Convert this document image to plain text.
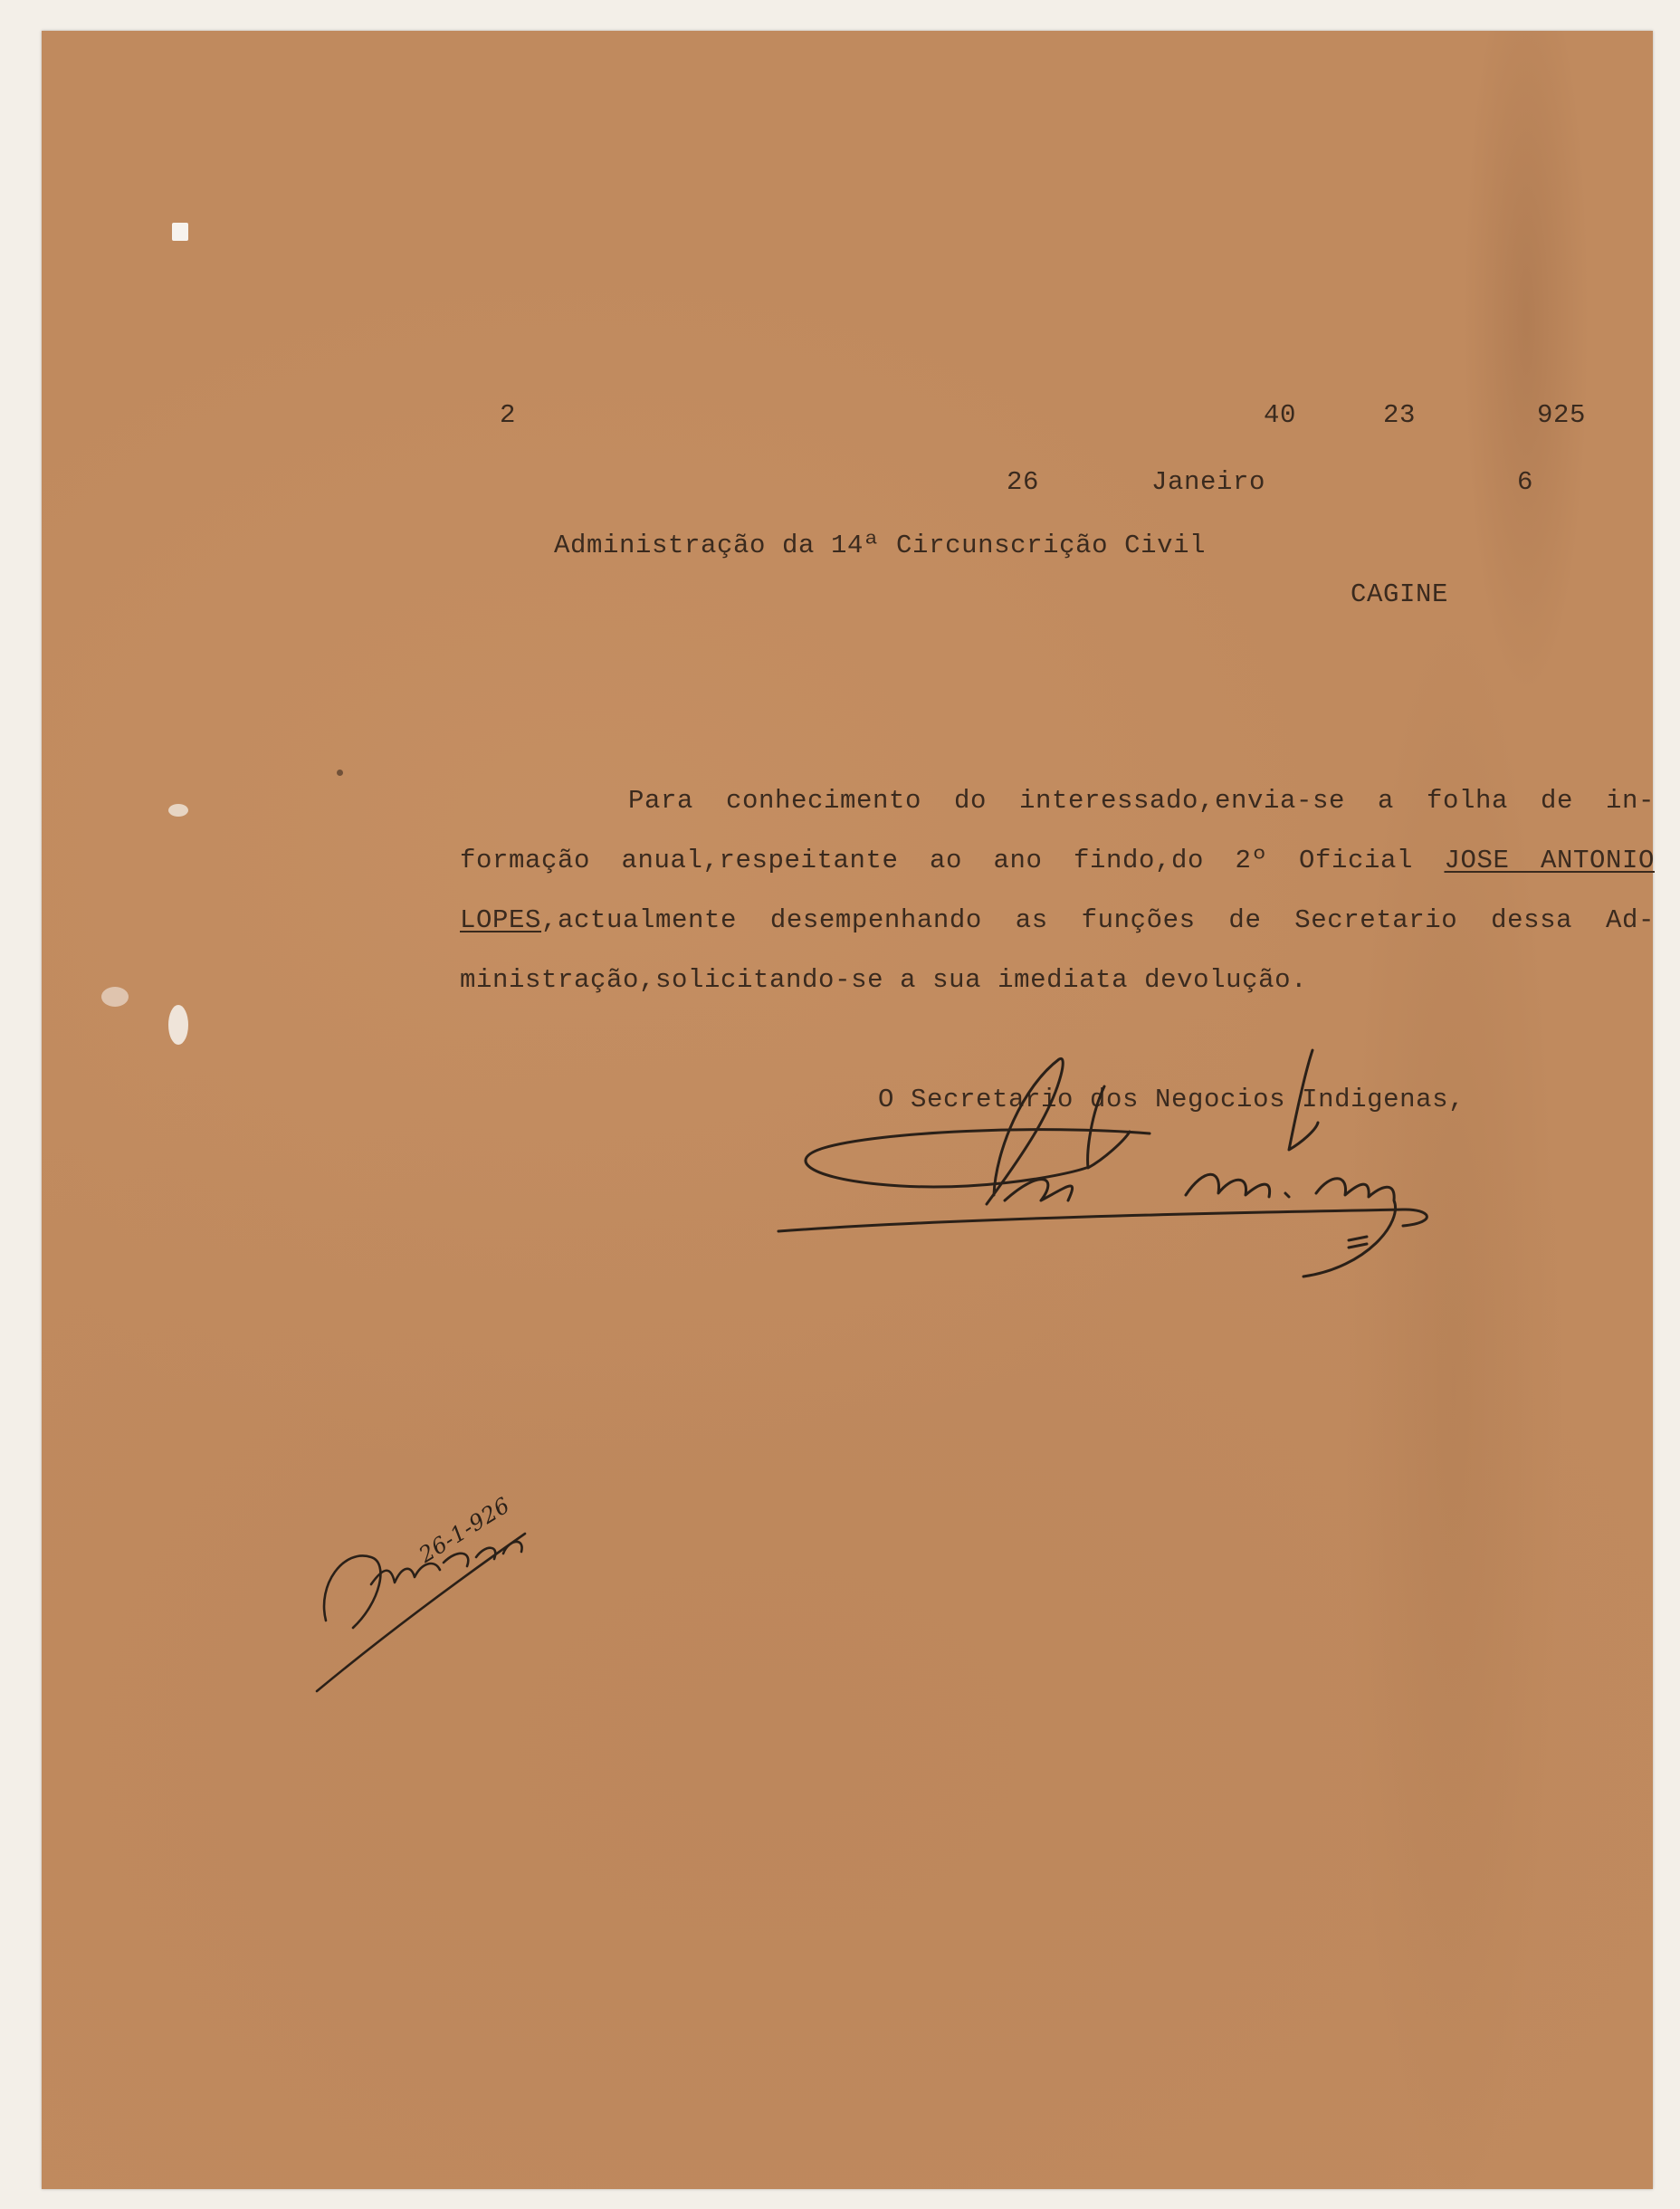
2	40	23	925
26	Janeiro	6
Administração da 14ª Circunscrição Civil
CAGINE
Para conhecimento do interessado,envia-se a folha de in-
formação anual,respeitante ao ano findo,do 2º Oficial JOSE ANTONIO
LOPES,actualmente desempenhando as funções de Secretario dessa Ad-
ministração,solicitando-se a sua imediata devolução.
O Secretario dos Negocios Indigenas,
26-1-926
